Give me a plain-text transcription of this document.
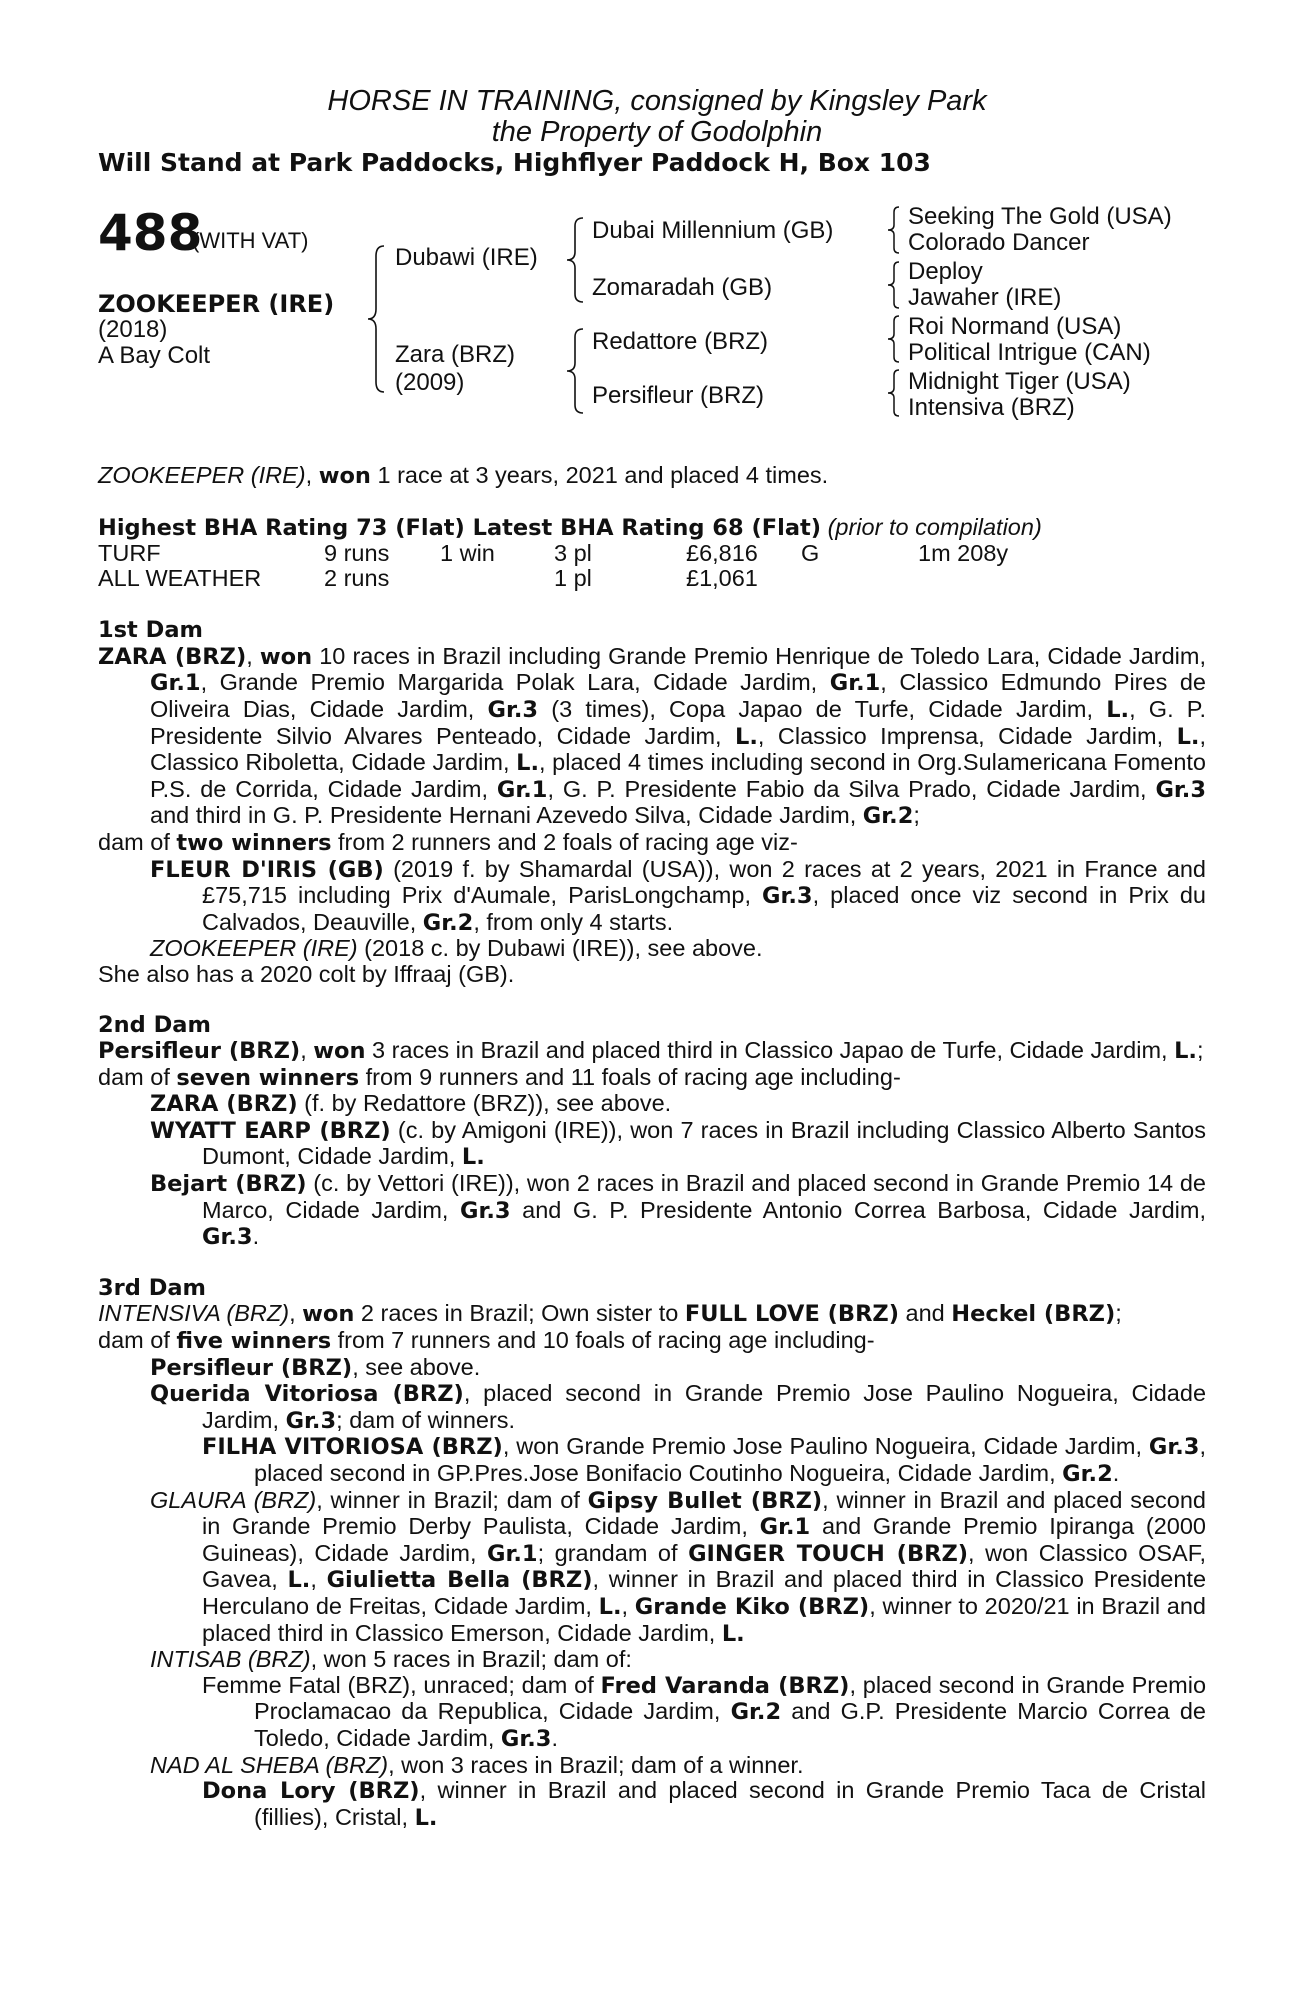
HORSE IN TRAINING, consigned by Kingsley Park
the Property of Godolphin
Will Stand at Park Paddocks, Highflyer Paddock H, Box 103
488
(WITH VAT)
ZOOKEEPER (IRE)
(2018)
A Bay Colt
Dubawi (IRE)
Zara (BRZ)
(2009)
Dubai Millennium (GB)
Zomaradah (GB)
Redattore (BRZ)
Persifleur (BRZ)
Seeking The Gold (USA)
Colorado Dancer
Deploy
Jawaher (IRE)
Roi Normand (USA)
Political Intrigue (CAN)
Midnight Tiger (USA)
Intensiva (BRZ)

ZOOKEEPER (IRE), won 1 race at 3 years, 2021 and placed 4 times.

Highest BHA Rating 73 (Flat) Latest BHA Rating 68 (Flat) (prior to compilation)

TURF	9 runs 1 win	3 pl	£6,816 G	1m 208y
ALL WEATHER	2 runs	1 pl	£1,061

1st Dam

ZARA (BRZ), won 10 races in Brazil including Grande Premio Henrique de Toledo Lara, Cidade Jardim, Gr.1, Grande Premio Margarida Polak Lara, Cidade Jardim, Gr.1, Classico Edmundo Pires de Oliveira Dias, Cidade Jardim, Gr.3 (3 times), Copa Japao de Turfe, Cidade Jardim, L., G. P. Presidente Silvio Alvares Penteado, Cidade Jardim, L., Classico Imprensa, Cidade Jardim, L., Classico Riboletta, Cidade Jardim, L., placed 4 times including second in Org.Sulamericana Fomento P.S. de Corrida, Cidade Jardim, Gr.1, G. P. Presidente Fabio da Silva Prado, Cidade Jardim, Gr.3 and third in G. P. Presidente Hernani Azevedo Silva, Cidade Jardim, Gr.2;

dam of two winners from 2 runners and 2 foals of racing age viz-

FLEUR D'IRIS (GB) (2019 f. by Shamardal (USA)), won 2 races at 2 years, 2021 in France and £75,715 including Prix d'Aumale, ParisLongchamp, Gr.3, placed once viz second in Prix du Calvados, Deauville, Gr.2, from only 4 starts.

ZOOKEEPER (IRE) (2018 c. by Dubawi (IRE)), see above.

She also has a 2020 colt by Iffraaj (GB).

2nd Dam

Persifleur (BRZ), won 3 races in Brazil and placed third in Classico Japao de Turfe, Cidade Jardim, L.;

dam of seven winners from 9 runners and 11 foals of racing age including-

ZARA (BRZ) (f. by Redattore (BRZ)), see above.

WYATT EARP (BRZ) (c. by Amigoni (IRE)), won 7 races in Brazil including Classico Alberto Santos Dumont, Cidade Jardim, L.

Bejart (BRZ) (c. by Vettori (IRE)), won 2 races in Brazil and placed second in Grande Premio 14 de Marco, Cidade Jardim, Gr.3 and G. P. Presidente Antonio Correa Barbosa, Cidade Jardim, Gr.3.

3rd Dam

INTENSIVA (BRZ), won 2 races in Brazil; Own sister to FULL LOVE (BRZ) and Heckel (BRZ);

dam of five winners from 7 runners and 10 foals of racing age including-

Persifleur (BRZ), see above.

Querida Vitoriosa (BRZ), placed second in Grande Premio Jose Paulino Nogueira, Cidade Jardim, Gr.3; dam of winners.

FILHA VITORIOSA (BRZ), won Grande Premio Jose Paulino Nogueira, Cidade Jardim, Gr.3, placed second in GP.Pres.Jose Bonifacio Coutinho Nogueira, Cidade Jardim, Gr.2.

GLAURA (BRZ), winner in Brazil; dam of Gipsy Bullet (BRZ), winner in Brazil and placed second in Grande Premio Derby Paulista, Cidade Jardim, Gr.1 and Grande Premio Ipiranga (2000 Guineas), Cidade Jardim, Gr.1; grandam of GINGER TOUCH (BRZ), won Classico OSAF, Gavea, L., Giulietta Bella (BRZ), winner in Brazil and placed third in Classico Presidente Herculano de Freitas, Cidade Jardim, L., Grande Kiko (BRZ), winner to 2020/21 in Brazil and placed third in Classico Emerson, Cidade Jardim, L.

INTISAB (BRZ), won 5 races in Brazil; dam of:

Femme Fatal (BRZ), unraced; dam of Fred Varanda (BRZ), placed second in Grande Premio Proclamacao da Republica, Cidade Jardim, Gr.2 and G.P. Presidente Marcio Correa de Toledo, Cidade Jardim, Gr.3.

NAD AL SHEBA (BRZ), won 3 races in Brazil; dam of a winner.

Dona Lory (BRZ), winner in Brazil and placed second in Grande Premio Taca de Cristal (fillies), Cristal, L.
